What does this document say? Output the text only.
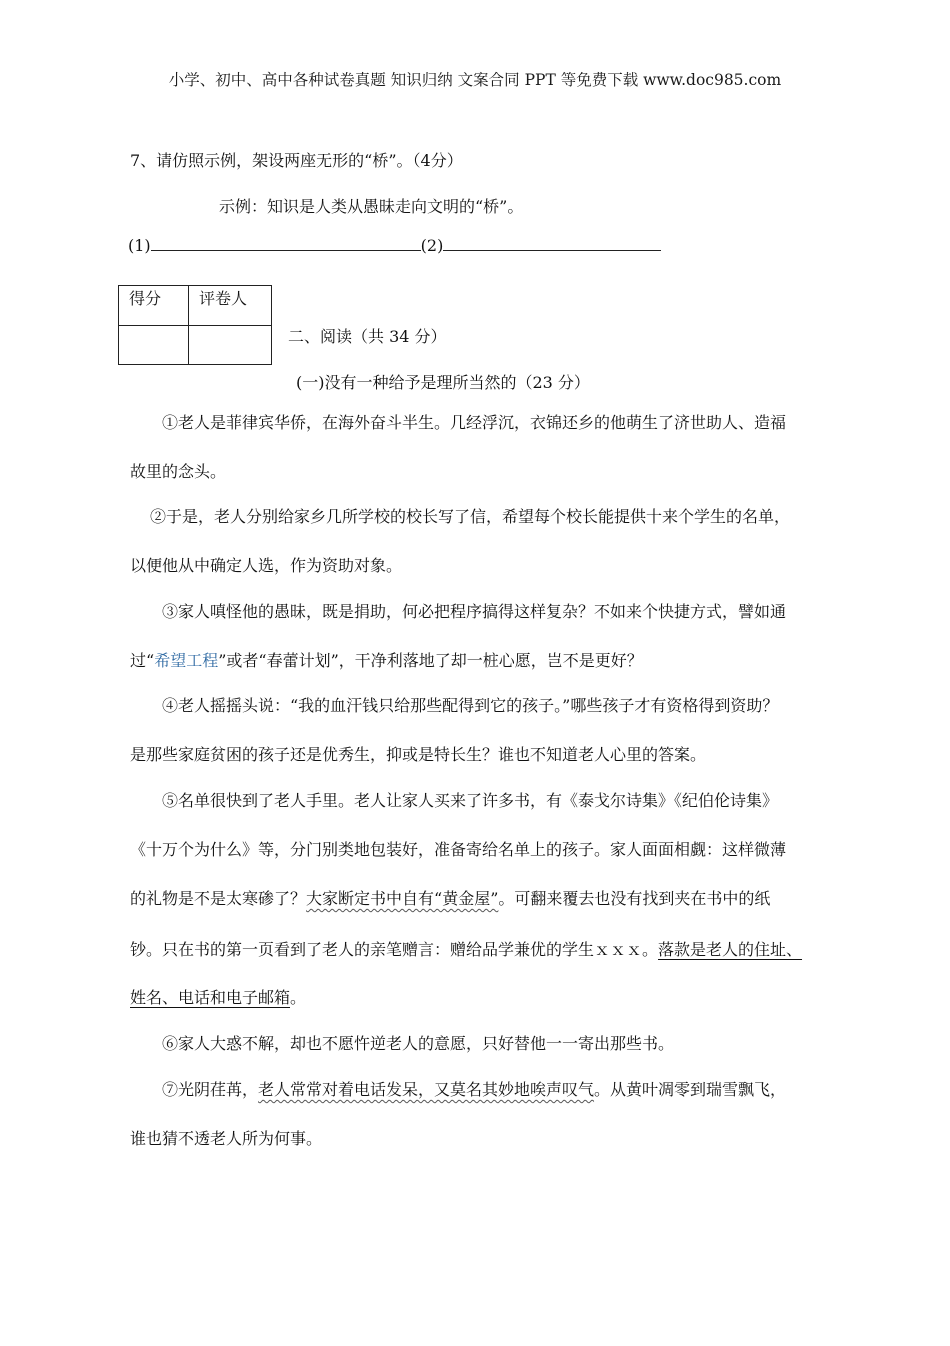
小学、初中、高中各种试卷真题 知识归纳 文案合同 PPT 等免费下载 www.doc985.com
7、请仿照示例，架设两座无形的“桥”。（4分）
示例：知识是人类从愚昧走向文明的“桥”。
(1)	(2)
得分	评卷人

二、阅读（共 34 分）
(一)没有一种给予是理所当然的（23 分）
①老人是菲律宾华侨，在海外奋斗半生。几经浮沉，衣锦还乡的他萌生了济世助人、造福
故里的念头。
②于是，老人分别给家乡几所学校的校长写了信，希望每个校长能提供十来个学生的名单，
以便他从中确定人选，作为资助对象。
③家人嗔怪他的愚昧，既是捐助，何必把程序搞得这样复杂？不如来个快捷方式，譬如通
过“希望工程”或者“春蕾计划”，干净利落地了却一桩心愿，岂不是更好？
④老人摇摇头说：“我的血汗钱只给那些配得到它的孩子。”哪些孩子才有资格得到资助？
是那些家庭贫困的孩子还是优秀生，抑或是特长生？谁也不知道老人心里的答案。
⑤名单很快到了老人手里。老人让家人买来了许多书，有《泰戈尔诗集》《纪伯伦诗集》
《十万个为什么》等，分门别类地包装好，准备寄给名单上的孩子。家人面面相觑：这样微薄
的礼物是不是太寒碜了？大家断定书中自有“黄金屋”。可翻来覆去也没有找到夹在书中的纸
钞。只在书的第一页看到了老人的亲笔赠言：赠给品学兼优的学生ｘｘｘ。落款是老人的住址、
姓名、电话和电子邮箱。
⑥家人大惑不解，却也不愿忤逆老人的意愿，只好替他一一寄出那些书。
⑦光阴荏苒，老人常常对着电话发呆，又莫名其妙地唉声叹气。从黄叶凋零到瑞雪飘飞，
谁也猜不透老人所为何事。
